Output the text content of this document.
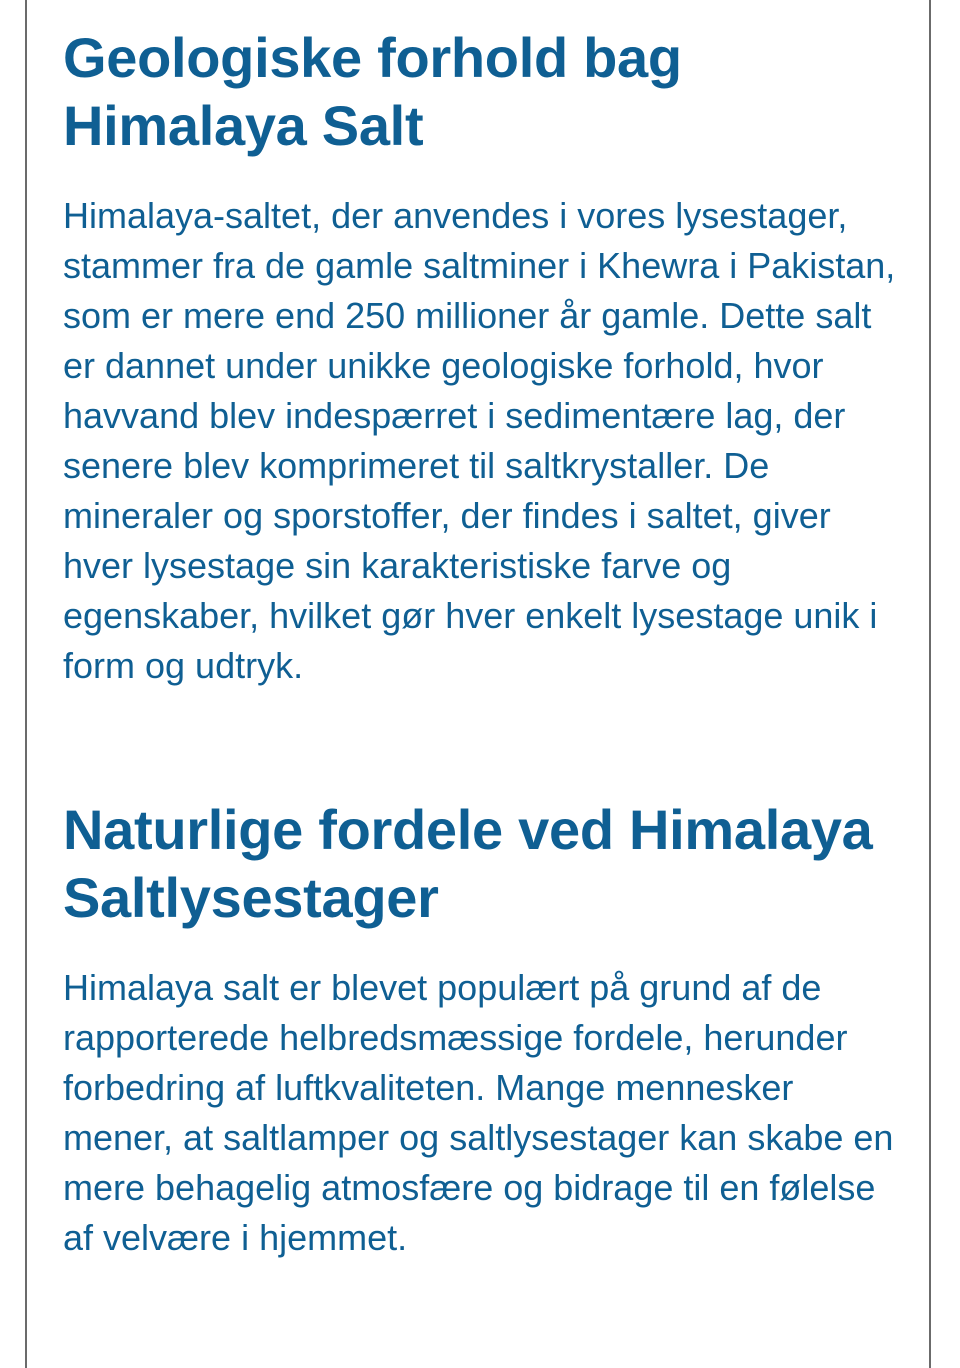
Geologiske forhold bag Himalaya Salt

Himalaya-saltet, der anvendes i vores lysestager, stammer fra de gamle saltminer i Khewra i Pakistan, som er mere end 250 millioner år gamle. Dette salt er dannet under unikke geologiske forhold, hvor havvand blev indespærret i sedimentære lag, der senere blev komprimeret til saltkrystaller. De mineraler og sporstoffer, der findes i saltet, giver hver lysestage sin karakteristiske farve og egenskaber, hvilket gør hver enkelt lysestage unik i form og udtryk.

Naturlige fordele ved Himalaya Saltlysestager

Himalaya salt er blevet populært på grund af de rapporterede helbredsmæssige fordele, herunder forbedring af luftkvaliteten. Mange mennesker mener, at saltlamper og saltlysestager kan skabe en mere behagelig atmosfære og bidrage til en følelse af velvære i hjemmet.
